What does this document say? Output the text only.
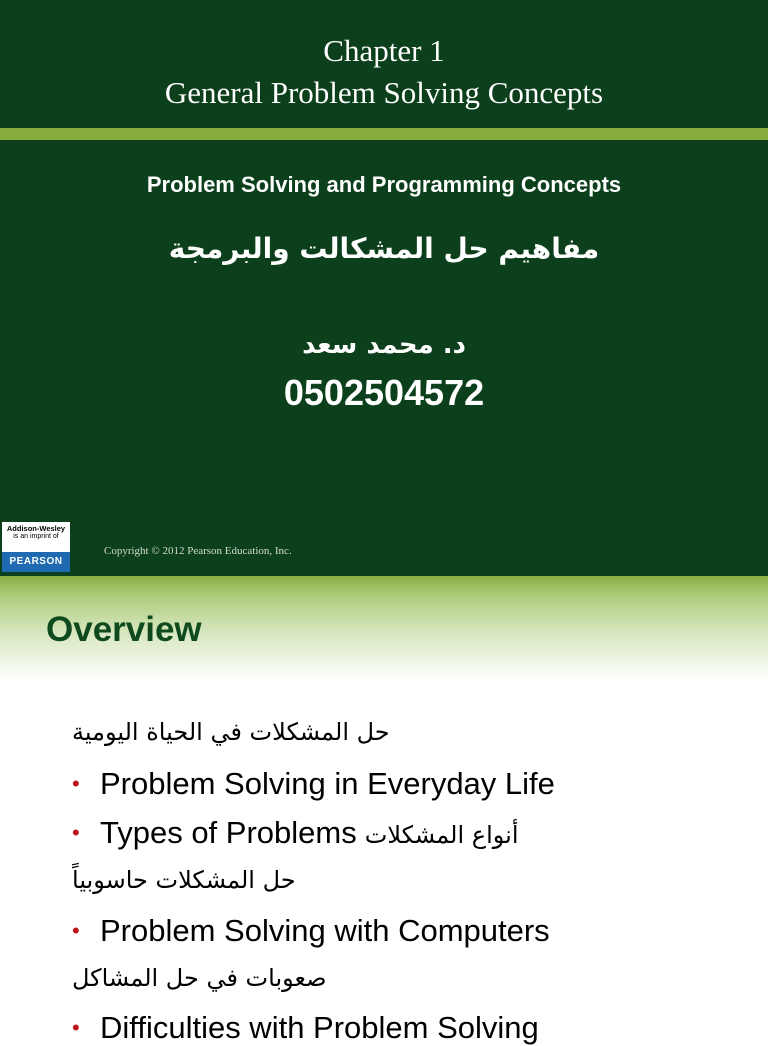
Chapter 1
General Problem Solving Concepts
Problem Solving and Programming Concepts
مفاهيم حل المشكالت والبرمجة
د. محمد سعد
0502504572
Addison-Wesley
is an imprint of
PEARSON
Copyright © 2012 Pearson Education, Inc.
Overview
حل المشكلات في الحياة اليومية
• Problem Solving in Everyday Life
• Types of Problems أنواع المشكلات
حل المشكلات حاسوبياً
• Problem Solving with Computers
صعوبات في حل المشاكل
• Difficulties with Problem Solving
